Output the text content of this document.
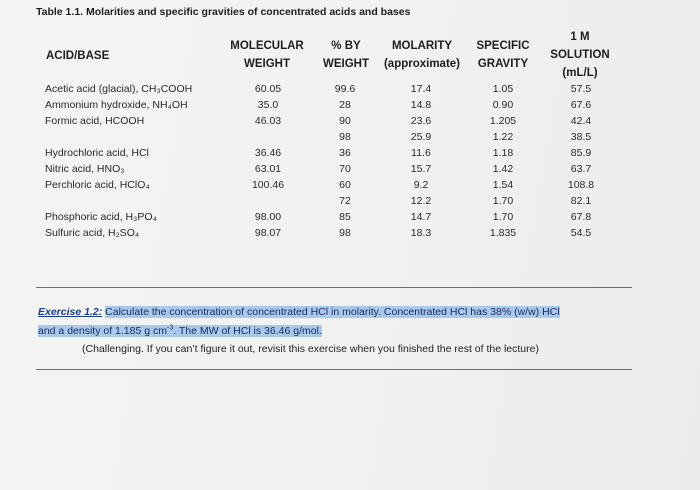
Table 1.1. Molarities and specific gravities of concentrated acids and bases
ACID/BASE
MOLECULAR
WEIGHT
% BY
WEIGHT
MOLARITY
(approximate)
SPECIFIC
GRAVITY
1 M
SOLUTION
(mL/L)
Acetic acid (glacial), CH₃COOH
Ammonium hydroxide, NH₄OH
Formic acid, HCOOH
Hydrochloric acid, HCl
Nitric acid, HNO₃
Perchloric acid, HClO₄
Phosphoric acid, H₃PO₄
Sulfuric acid, H₂SO₄
60.05
35.0
46.03
36.46
63.01
100.46
98.00
98.07
99.6
28
90
98
36
70
60
72
85
98
17.4
14.8
23.6
25.9
11.6
15.7
9.2
12.2
14.7
18.3
1.05
0.90
1.205
1.22
1.18
1.42
1.54
1.70
1.70
1.835
57.5
67.6
42.4
38.5
85.9
63.7
108.8
82.1
67.8
54.5
Exercise 1.2: Calculate the concentration of concentrated HCl in molarity. Concentrated HCl has 38% (w/w) HCl
and a density of 1.185 g $cm^{-3}$. The MW of HCl is 36.46 g/mol.
(Challenging. If you can’t figure it out, revisit this exercise when you finished the rest of the lecture)
